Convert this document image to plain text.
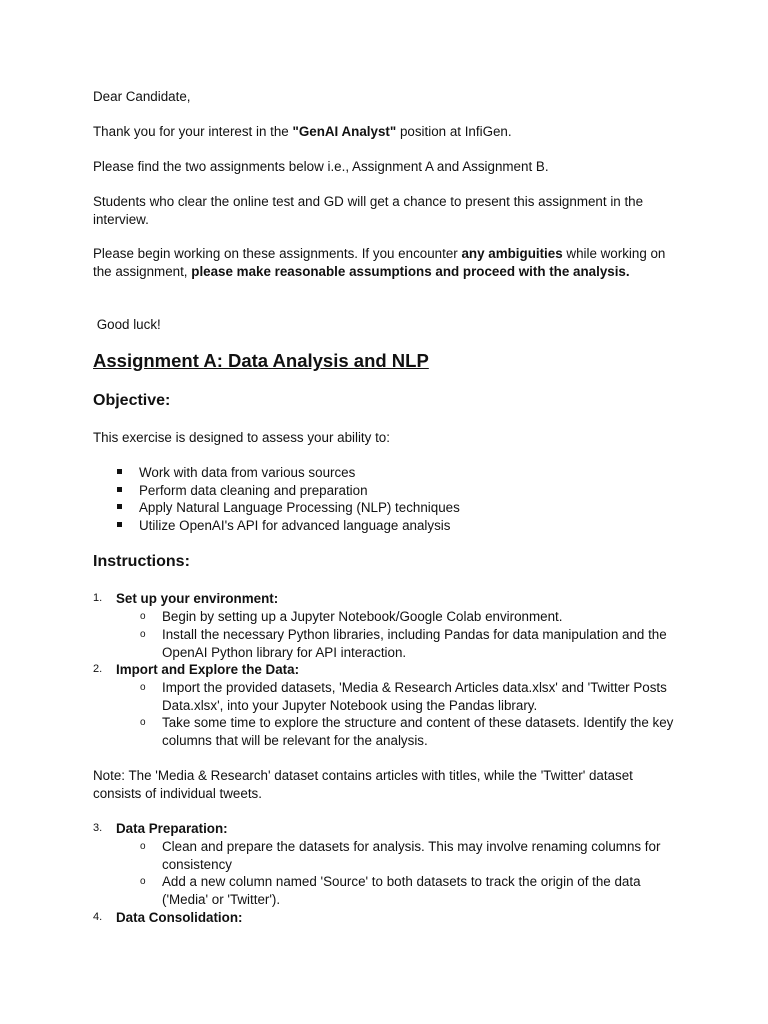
Dear Candidate,

Thank you for your interest in the "GenAI Analyst" position at InfiGen.

Please find the two assignments below i.e., Assignment A and Assignment B.

Students who clear the online test and GD will get a chance to present this assignment in the interview.

Please begin working on these assignments. If you encounter any ambiguities while working on the assignment, please make reasonable assumptions and proceed with the analysis.

Good luck!

Assignment A: Data Analysis and NLP

Objective:

This exercise is designed to assess your ability to:

Work with data from various sources
Perform data cleaning and preparation
Apply Natural Language Processing (NLP) techniques
Utilize OpenAI's API for advanced language analysis

Instructions:

1. Set up your environment:
o Begin by setting up a Jupyter Notebook/Google Colab environment.
o Install the necessary Python libraries, including Pandas for data manipulation and the OpenAI Python library for API interaction.
2. Import and Explore the Data:
o Import the provided datasets, 'Media & Research Articles data.xlsx' and 'Twitter Posts Data.xlsx', into your Jupyter Notebook using the Pandas library.
o Take some time to explore the structure and content of these datasets. Identify the key columns that will be relevant for the analysis.

Note: The 'Media & Research' dataset contains articles with titles, while the 'Twitter' dataset consists of individual tweets.

3. Data Preparation:
o Clean and prepare the datasets for analysis. This may involve renaming columns for consistency
o Add a new column named 'Source' to both datasets to track the origin of the data ('Media' or 'Twitter').
4. Data Consolidation:
